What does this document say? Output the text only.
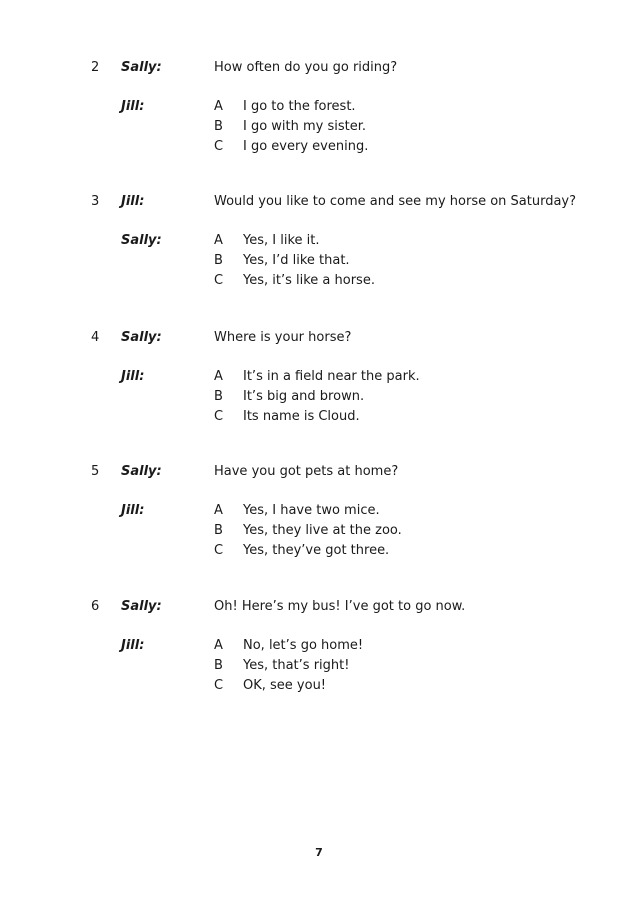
2 Sally:	How often do you go riding?
Jill:	A I go to the forest.
B I go with my sister.
C I go every evening.
3 Jill:	Would you like to come and see my horse on Saturday?
Sally:	A Yes, I like it.
B Yes, I’d like that.
C Yes, it’s like a horse.
4 Sally:	Where is your horse?
Jill:	A It’s in a field near the park.
B It’s big and brown.
C Its name is Cloud.
5 Sally:	Have you got pets at home?
Jill:	A Yes, I have two mice.
B Yes, they live at the zoo.
C Yes, they’ve got three.
6 Sally:	Oh! Here’s my bus! I’ve got to go now.
Jill:	A No, let’s go home!
B Yes, that’s right!
C OK, see you!
7
